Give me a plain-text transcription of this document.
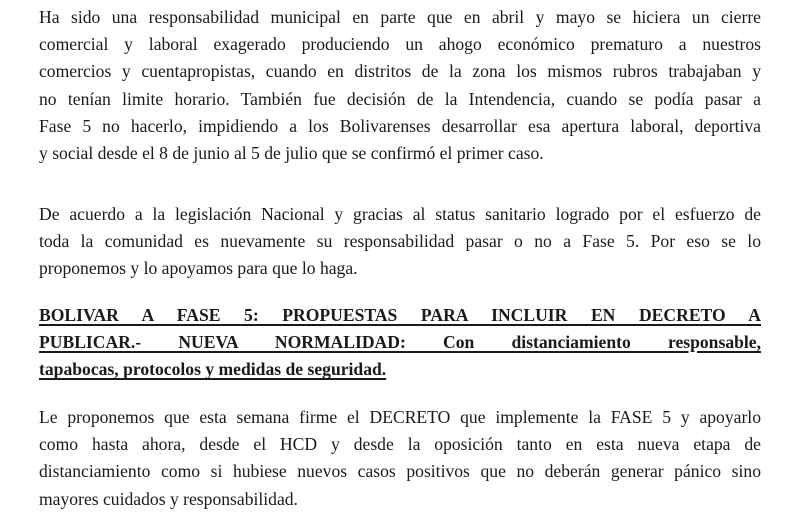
Ha sido una responsabilidad municipal en parte que en abril y mayo se hiciera un cierre
comercial y laboral exagerado produciendo un ahogo económico prematuro a nuestros
comercios y cuentapropistas, cuando en distritos de la zona los mismos rubros trabajaban y
no tenían limite horario. También fue decisión de la Intendencia, cuando se podía pasar a
Fase 5 no hacerlo, impidiendo a los Bolivarenses desarrollar esa apertura laboral, deportiva
y social desde el 8 de junio al 5 de julio que se confirmó el primer caso.

De acuerdo a la legislación Nacional y gracias al status sanitario logrado por el esfuerzo de
toda la comunidad es nuevamente su responsabilidad pasar o no a Fase 5. Por eso se lo
proponemos y lo apoyamos para que lo haga.

BOLIVAR A FASE 5: PROPUESTAS PARA INCLUIR EN DECRETO A
PUBLICAR.- NUEVA NORMALIDAD: Con distanciamiento responsable,
tapabocas, protocolos y medidas de seguridad.

Le proponemos que esta semana firme el DECRETO que implemente la FASE 5 y apoyarlo
como hasta ahora, desde el HCD y desde la oposición tanto en esta nueva etapa de
distanciamiento como si hubiese nuevos casos positivos que no deberán generar pánico sino
mayores cuidados y responsabilidad.
